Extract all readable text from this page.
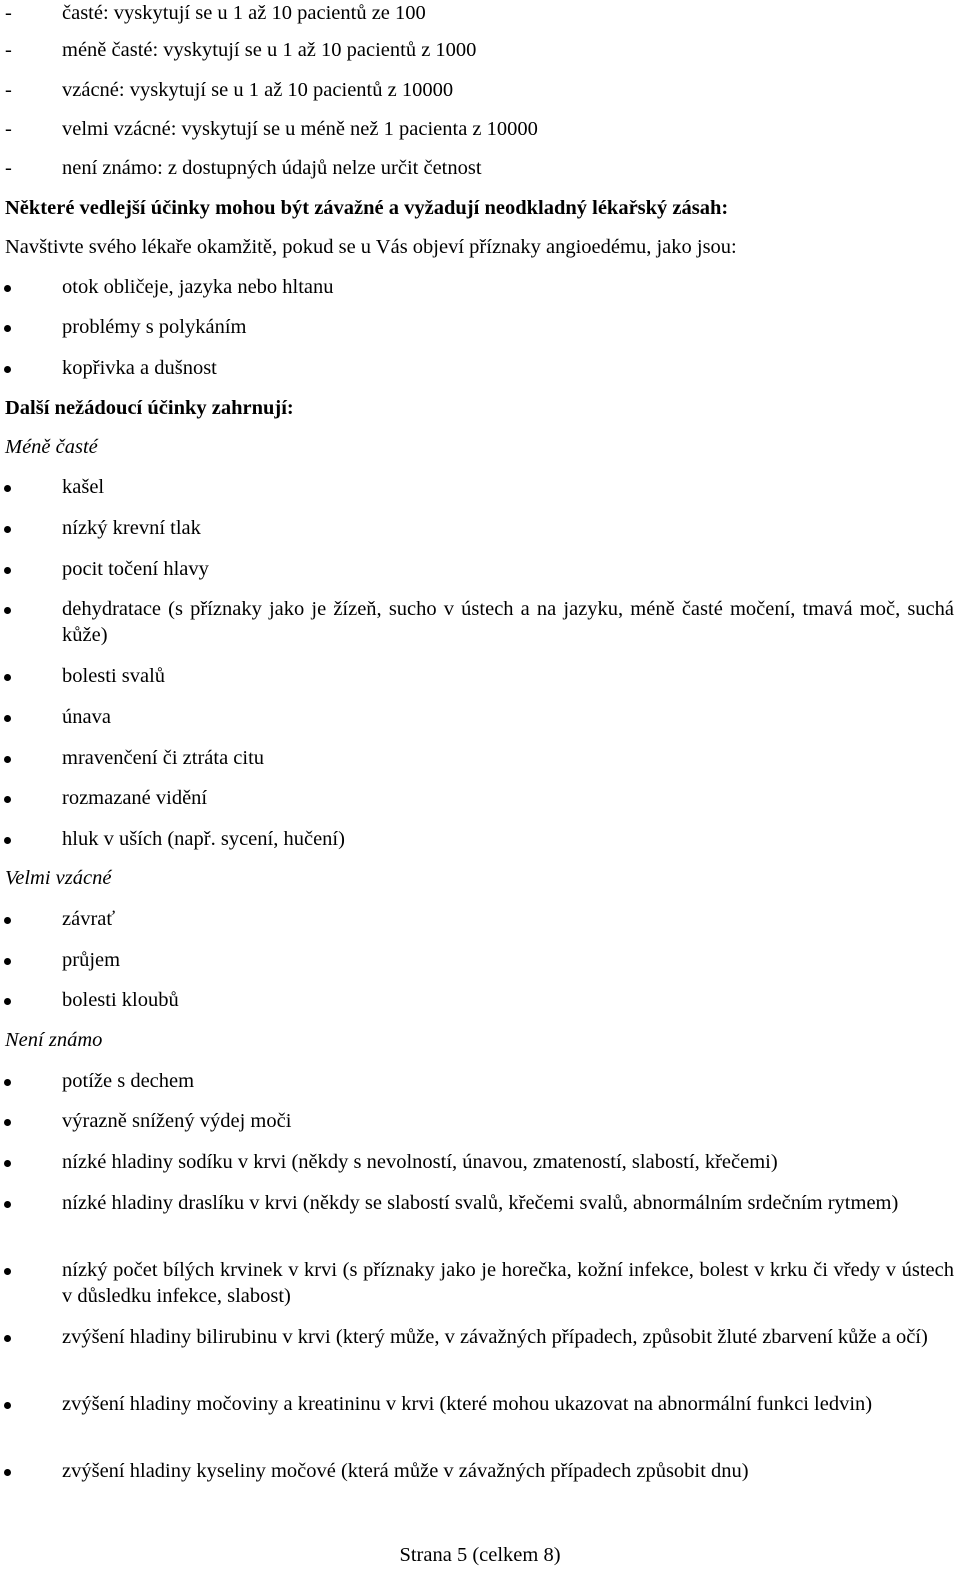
- časté: vyskytují se u 1 až 10 pacientů ze 100
- méně časté: vyskytují se u 1 až 10 pacientů z 1000
- vzácné: vyskytují se u 1 až 10 pacientů z 10000
- velmi vzácné: vyskytují se u méně než 1 pacienta z 10000
- není známo: z dostupných údajů nelze určit četnost
Některé vedlejší účinky mohou být závažné a vyžadují neodkladný lékařský zásah:
Navštivte svého lékaře okamžitě, pokud se u Vás objeví příznaky angioedému, jako jsou:
otok obličeje, jazyka nebo hltanu
problémy s polykáním
kopřivka a dušnost
Další nežádoucí účinky zahrnují:
Méně časté
kašel
nízký krevní tlak
pocit točení hlavy
dehydratace (s příznaky jako je žízeň, sucho v ústech a na jazyku, méně časté močení, tmavá moč, suchá kůže)
bolesti svalů
únava
mravenčení či ztráta citu
rozmazané vidění
hluk v uších (např. sycení, hučení)
Velmi vzácné
závrať
průjem
bolesti kloubů
Není známo
potíže s dechem
výrazně snížený výdej moči
nízké hladiny sodíku v krvi (někdy s nevolností, únavou, zmateností, slabostí, křečemi)
nízké hladiny draslíku v krvi (někdy se slabostí svalů, křečemi svalů, abnormálním srdečním rytmem)
nízký počet bílých krvinek v krvi (s příznaky jako je horečka, kožní infekce, bolest v krku či vředy v ústech v důsledku infekce, slabost)
zvýšení hladiny bilirubinu v krvi (který může, v závažných případech, způsobit žluté zbarvení kůže a očí)
zvýšení hladiny močoviny a kreatininu v krvi (které mohou ukazovat na abnormální funkci ledvin)
zvýšení hladiny kyseliny močové (která může v závažných případech způsobit dnu)
Strana 5 (celkem 8)
